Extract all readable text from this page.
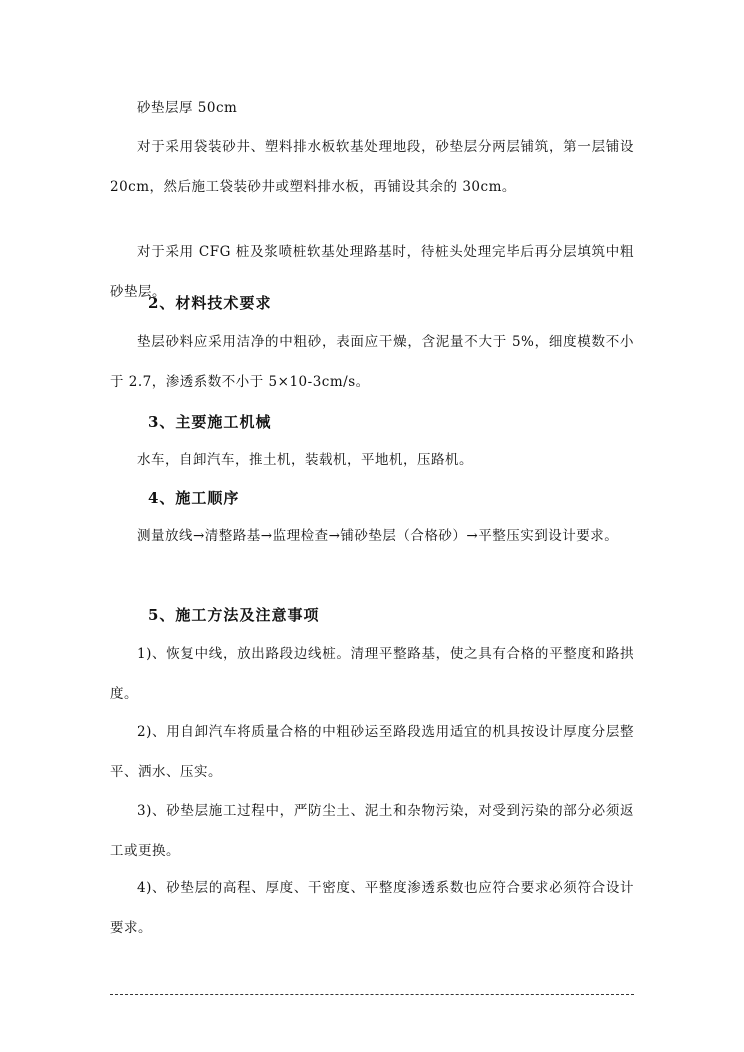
砂垫层厚 50cm

对于采用袋装砂井、塑料排水板软基处理地段，砂垫层分两层铺筑，第一层铺设 20cm，然后施工袋装砂井或塑料排水板，再铺设其余的 30cm。

对于采用 CFG 桩及浆喷桩软基处理路基时，待桩头处理完毕后再分层填筑中粗砂垫层。

2、材料技术要求

垫层砂料应采用洁净的中粗砂，表面应干燥，含泥量不大于 5%，细度模数不小于 2.7，渗透系数不小于 5×10-3cm/s。

3、主要施工机械

水车，自卸汽车，推土机，装载机，平地机，压路机。

4、施工顺序

测量放线→清整路基→监理检查→铺砂垫层（合格砂）→平整压实到设计要求。

5、施工方法及注意事项

1)、恢复中线，放出路段边线桩。清理平整路基，使之具有合格的平整度和路拱度。

2)、用自卸汽车将质量合格的中粗砂运至路段选用适宜的机具按设计厚度分层整平、洒水、压实。

3)、砂垫层施工过程中，严防尘土、泥土和杂物污染，对受到污染的部分必须返工或更换。

4)、砂垫层的高程、厚度、干密度、平整度渗透系数也应符合要求必须符合设计要求。
